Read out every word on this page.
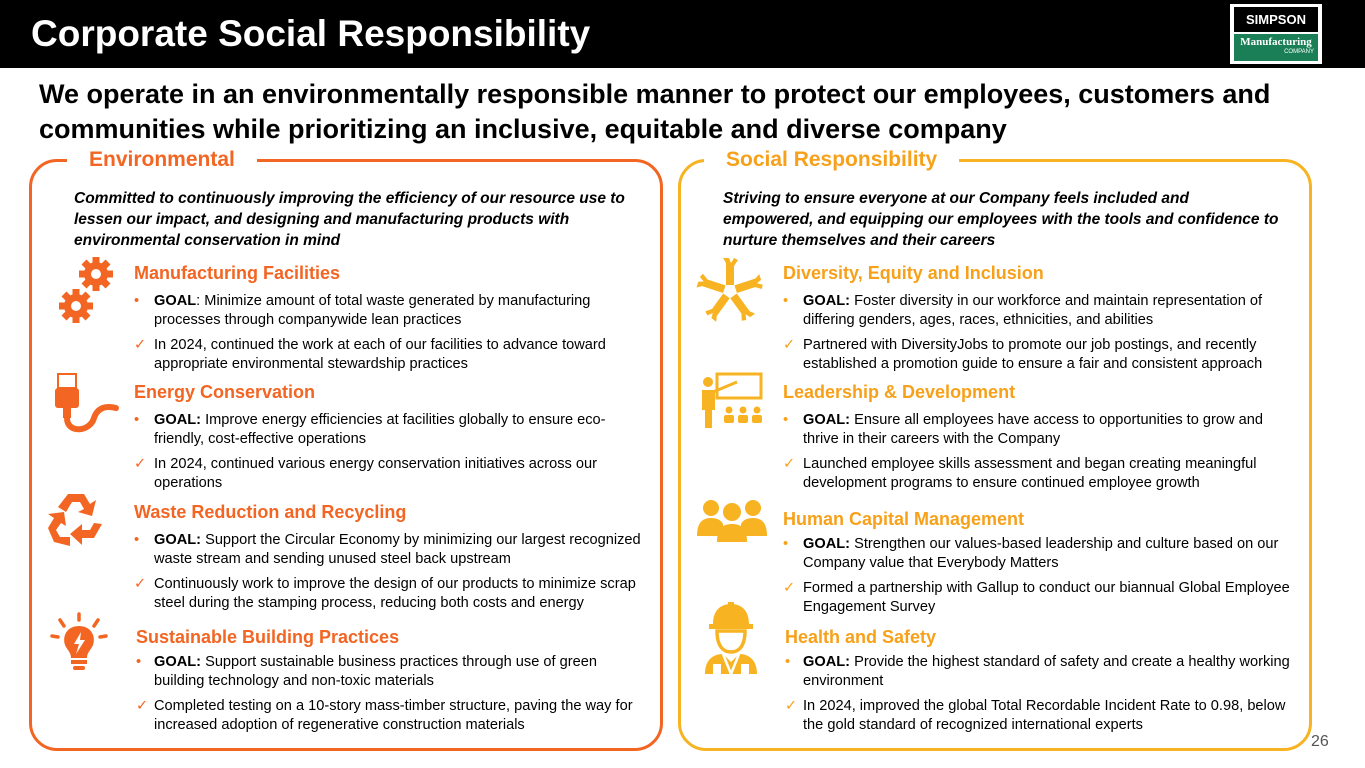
Corporate Social Responsibility	SIMPSON
Manufacturing
COMPANY

We operate in an environmentally responsible manner to protect our employees, customers and communities while prioritizing an inclusive, equitable and diverse company

Environmental
Committed to continuously improving the efficiency of our resource use to lessen our impact, and designing and manufacturing products with environmental conservation in mind
Manufacturing Facilities
•	GOAL: Minimize amount of total waste generated by manufacturing processes through companywide lean practices
✓ In 2024, continued the work at each of our facilities to advance toward appropriate environmental stewardship practices
Energy Conservation
•	GOAL: Improve energy efficiencies at facilities globally to ensure eco-friendly, cost-effective operations
✓ In 2024, continued various energy conservation initiatives across our operations
Waste Reduction and Recycling
•	GOAL: Support the Circular Economy by minimizing our largest recognized waste stream and sending unused steel back upstream
✓ Continuously work to improve the design of our products to minimize scrap steel during the stamping process, reducing both costs and energy
Sustainable Building Practices
• GOAL: Support sustainable business practices through use of green building technology and non-toxic materials
✓ Completed testing on a 10-story mass-timber structure, paving the way for increased adoption of regenerative construction materials
Social Responsibility
Striving to ensure everyone at our Company feels included and empowered, and equipping our employees with the tools and confidence to nurture themselves and their careers
Diversity, Equity and Inclusion
•	GOAL: Foster diversity in our workforce and maintain representation of differing genders, ages, races, ethnicities, and abilities
✓ Partnered with DiversityJobs to promote our job postings, and recently established a promotion guide to ensure a fair and consistent approach
Leadership & Development
•	GOAL: Ensure all employees have access to opportunities to grow and thrive in their careers with the Company
✓ Launched employee skills assessment and began creating meaningful development programs to ensure continued employee growth
Human Capital Management
•	GOAL: Strengthen our values-based leadership and culture based on our Company value that Everybody Matters
✓ Formed a partnership with Gallup to conduct our biannual Global Employee Engagement Survey
Health and Safety
• GOAL: Provide the highest standard of safety and create a healthy working environment
✓ In 2024, improved the global Total Recordable Incident Rate to 0.98, below the gold standard of recognized international experts
26
